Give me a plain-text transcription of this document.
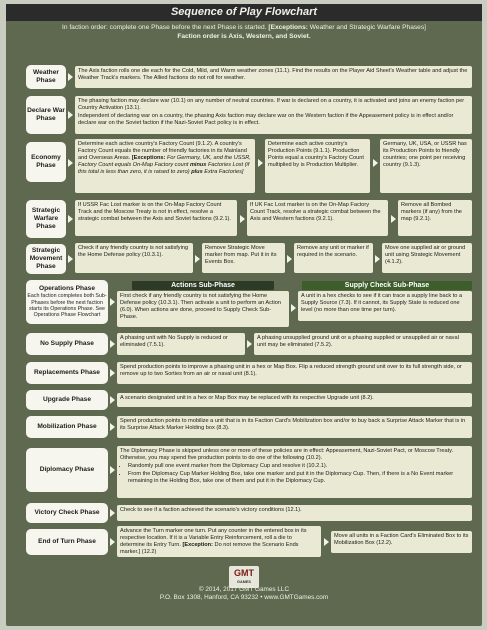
Sequence of Play Flowchart
In faction order: complete one Phase before the next Phase is started. [Exceptions: Weather and Strategic Warfare Phases]
Faction order is Axis, Western, and Soviet.
Weather Phase
The Axis faction rolls one die each for the Cold, Mild, and Warm weather zones (11.1). Find the results on the Player Aid Sheet's Weather table and adjust the Weather Track's markers. The Allied factions do not roll for weather.
Declare War Phase
The phasing faction may declare war (10.1) on any number of neutral countries. If war is declared on a country, it is activated and joins an enemy faction per Country Activation (13.1).
Independent of declaring war on a country, the phasing Axis faction may declare war on the Western faction if the Appeasement policy is in effect and/or declare war on the Soviet faction if the Nazi-Soviet Pact policy is in effect.
Economy Phase
Determine each active country's Factory Count (9.1.2). A country's Factory Count equals the number of friendly factories in its Mainland and Overseas Areas. [Exceptions: For Germany, UK, and the USSR, Factory Count equals On-Map Factory count minus Factories Lost (if this total is less than zero, it is raised to zero) plus Extra Factories]
Determine each active country's Production Points (9.1.1). Production Points equal a country's Factory Count multiplied by is Production Multiplier.
Germany, UK, USA, or USSR has its Production Points to friendly countries; one point per receiving country (9.1.3).
Strategic Warfare Phase
If USSR Fac Lost marker is on the On-Map Factory Count Track and the Moscow Treaty is not in effect, resolve a strategic combat between the Axis and Soviet factions (9.2.1).
If UK Fac Lost marker is on the On-Map Factory Count Track, resolve a strategic combat between the Axis and Western factions (9.2.1).
Remove all Bombed markers (if any) from the map (9.2.1).
Strategic Movement Phase
Check if any friendly country is not satisfying the Home Defense policy (10.3.1).
Remove Strategic Move marker from map. Put it in its Events Box.
Remove any unit or marker if required in the scenario.
Move one supplied air or ground unit using Strategic Movement (4.1.2).
Operations Phase
Each faction completes both Sub-Phases before the next faction starts its Operations Phase. See Operations Phase Flowchart
Actions Sub-Phase
First check if any friendly country is not satisfying the Home Defense policy (10.3.1). Then activate a unit to perform an Action (6.0). When actions are done, proceed to Supply Check Sub-Phase.
Supply Check Sub-Phase
A unit in a hex checks to see if it can trace a supply line back to a Supply Source (7.3). If it cannot, its Supply State is reduced one level (no more than one time per turn).
No Supply Phase
A phasing unit with No Supply is reduced or eliminated (7.5.1).
A phasing unsupplied ground unit or a phasing supplied or unsupplied air or naval unit may be eliminated (7.5.2).
Replacements Phase
Spend production points to improve a phasing unit in a hex or Map Box. Flip a reduced strength ground unit over to its full strength side, or remove up to two Sorties from an air or naval unit (8.1).
Upgrade Phase	A scenario designated unit in a hex or Map Box may be replaced with its respective Upgrade unit (8.2).
Mobilization Phase
Spend production points to mobilize a unit that is in its Faction Card's Mobilization box and/or to buy back a Surprise Attack Marker that is in its Surprise Attack Marker Holding box (8.3).
Diplomacy Phase
The Diplomacy Phase is skipped unless one or more of these policies are in effect: Appeasement, Nazi-Soviet Pact, or Moscow Treaty. Otherwise, you may spend five production points to do one of the following (10.2).
• Randomly pull one event marker from the Diplomacy Cup and resolve it (10.2.1).
• From the Diplomacy Cup Marker Holding Box, take one marker and put it in the Diplomacy Cup. Then, if there is a No Event marker remaining in the Holding Box, take one of them and put it in the Diplomacy Cup.
Victory Check Phase	Check to see if a faction achieved the scenario's victory conditions (12.1).
End of Turn Phase
Advance the Turn marker one turn. Put any counter in the entered box in its respective location. If it is a Variable Entry Reinforcement, roll a die to determine its Entry Turn. [Exception: Do not remove the Scenario Ends marker.] (12.2)
Move all units in a Faction Card's Eliminated Box to its Mobilization Box (12.2).
GMT
GAMES
© 2014, 2017 GMT Games LLC
P.O. Box 1308, Hanford, CA 93232 • www.GMTGames.com
